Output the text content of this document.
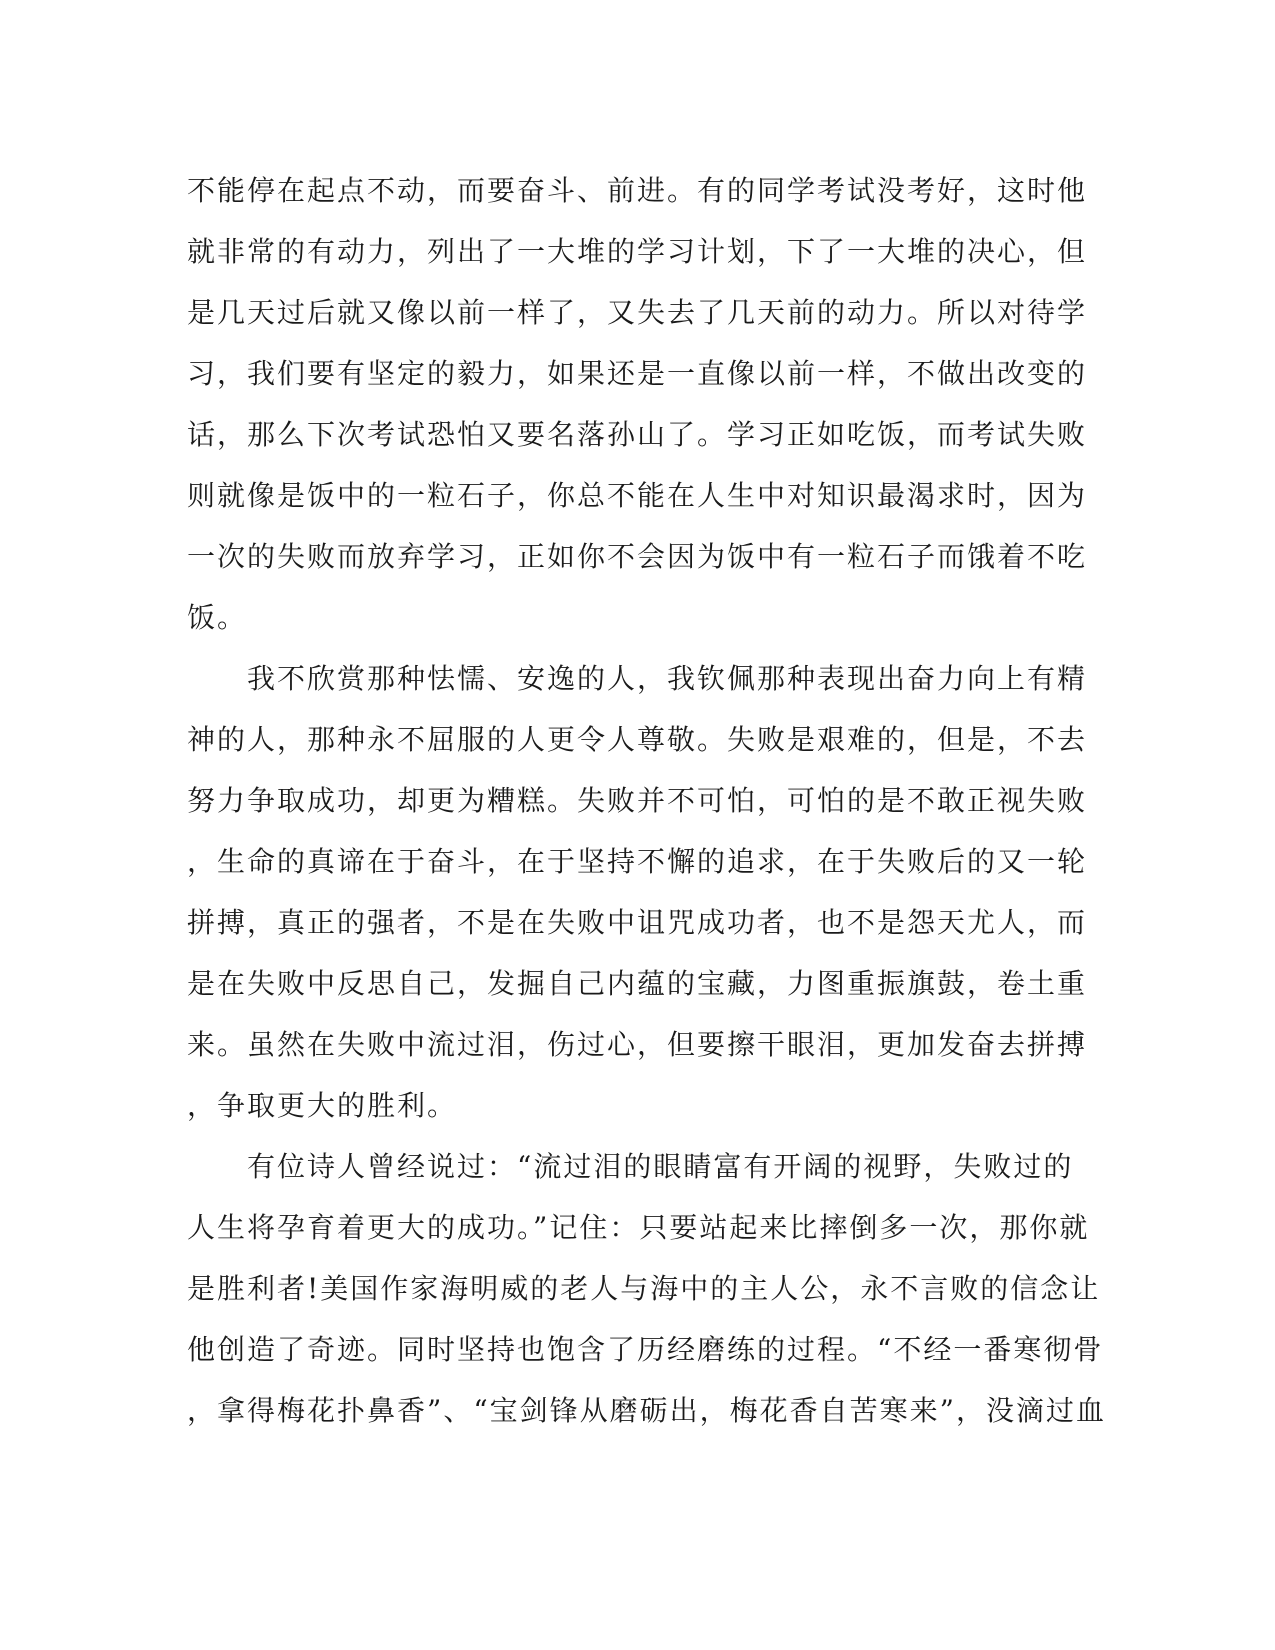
不能停在起点不动，而要奋斗、前进。有的同学考试没考好，这时他
就非常的有动力，列出了一大堆的学习计划，下了一大堆的决心，但
是几天过后就又像以前一样了，又失去了几天前的动力。所以对待学
习，我们要有坚定的毅力，如果还是一直像以前一样，不做出改变的
话，那么下次考试恐怕又要名落孙山了。学习正如吃饭，而考试失败
则就像是饭中的一粒石子，你总不能在人生中对知识最渴求时，因为
一次的失败而放弃学习，正如你不会因为饭中有一粒石子而饿着不吃
饭。
　　我不欣赏那种怯懦、安逸的人，我钦佩那种表现出奋力向上有精
神的人，那种永不屈服的人更令人尊敬。失败是艰难的，但是，不去
努力争取成功，却更为糟糕。失败并不可怕，可怕的是不敢正视失败
，生命的真谛在于奋斗，在于坚持不懈的追求，在于失败后的又一轮
拼搏，真正的强者，不是在失败中诅咒成功者，也不是怨天尤人，而
是在失败中反思自己，发掘自己内蕴的宝藏，力图重振旗鼓，卷土重
来。虽然在失败中流过泪，伤过心，但要擦干眼泪，更加发奋去拼搏
，争取更大的胜利。
　　有位诗人曾经说过：“流过泪的眼睛富有开阔的视野，失败过的
人生将孕育着更大的成功。”记住：只要站起来比摔倒多一次，那你就
是胜利者!美国作家海明威的老人与海中的主人公，永不言败的信念让
他创造了奇迹。同时坚持也饱含了历经磨练的过程。“不经一番寒彻骨
，拿得梅花扑鼻香”、“宝剑锋从磨砺出，梅花香自苦寒来”，没滴过血
